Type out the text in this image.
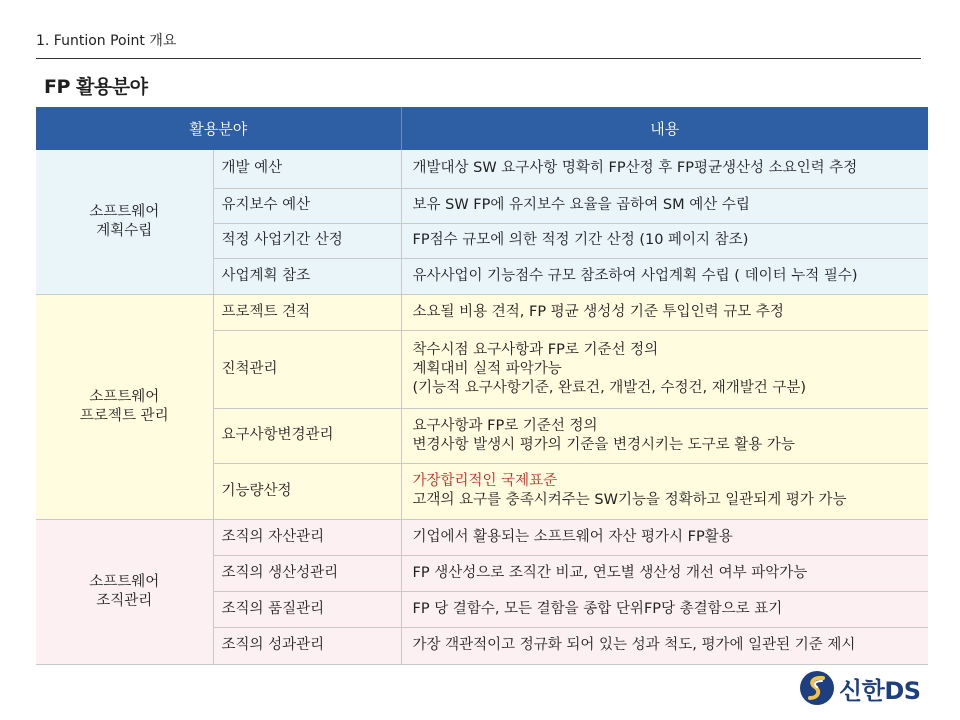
1. Funtion Point 개요
FP 활용분야
활용분야		내용

소프트웨어
계획수립	개발 예산	개발대상 SW 요구사항 명확히 FP산정 후 FP평균생산성 소요인력 추정
	유지보수 예산	보유 SW FP에 유지보수 요율을 곱하여 SM 예산 수립
	적정 사업기간 산정	FP점수 규모에 의한 적정 기간 산정 (10 페이지 참조)
	사업계획 참조	유사사업이 기능점수 규모 참조하여 사업계획 수립 ( 데이터 누적 필수)

소프트웨어
프로젝트 관리	프로젝트 견적	소요될 비용 견적, FP 평균 생성성 기준 투입인력 규모 추정
	진척관리	착수시점 요구사항과 FP로 기준선 정의
계획대비 실적 파악가능
(기능적 요구사항기준, 완료건, 개발건, 수정건, 재개발건 구분)

	요구사항변경관리	요구사항과 FP로 기준선 정의
변경사항 발생시 평가의 기준을 변경시키는 도구로 활용 가능

	기능량산정	가장합리적인 국제표준
고객의 요구를 충족시켜주는 SW기능을 정확하고 일관되게 평가 가능

소프트웨어
조직관리	조직의 자산관리	기업에서 활용되는 소프트웨어 자산 평가시 FP활용
	조직의 생산성관리	FP 생산성으로 조직간 비교, 연도별 생산성 개선 여부 파악가능
	조직의 품질관리	FP 당 결함수, 모든 결함을 종합 단위FP당 총결함으로 표기
	조직의 성과관리	가장 객관적이고 정규화 되어 있는 성과 척도, 평가에 일관된 기준 제시
신한DS
